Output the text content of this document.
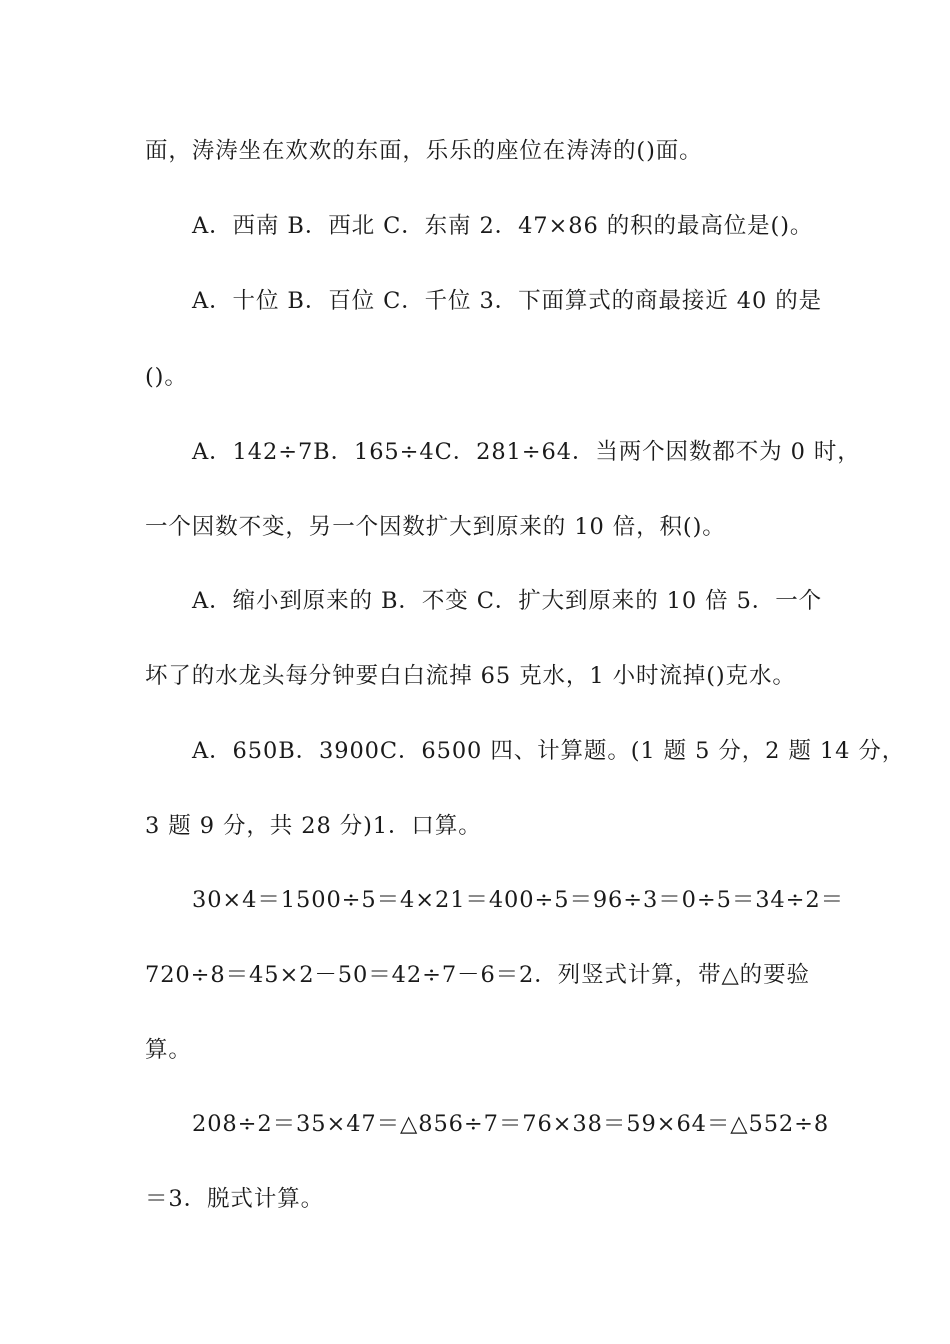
面，涛涛坐在欢欢的东面，乐乐的座位在涛涛的()面。
A．西南 B．西北 C．东南 2．47×86 的积的最高位是()。
A．十位 B．百位 C．千位 3．下面算式的商最接近 40 的是
()。
A．142÷7B．165÷4C．281÷64．当两个因数都不为 0 时，
一个因数不变，另一个因数扩大到原来的 10 倍，积()。
A．缩小到原来的 B．不变 C．扩大到原来的 10 倍 5．一个
坏了的水龙头每分钟要白白流掉 65 克水，1 小时流掉()克水。
A．650B．3900C．6500 四、计算题。(1 题 5 分，2 题 14 分，
3 题 9 分，共 28 分)1．口算。
30×4＝1500÷5＝4×21＝400÷5＝96÷3＝0÷5＝34÷2＝
720÷8＝45×2－50＝42÷7－6＝2．列竖式计算，带△的要验
算。
208÷2＝35×47＝△856÷7＝76×38＝59×64＝△552÷8
＝3．脱式计算。
